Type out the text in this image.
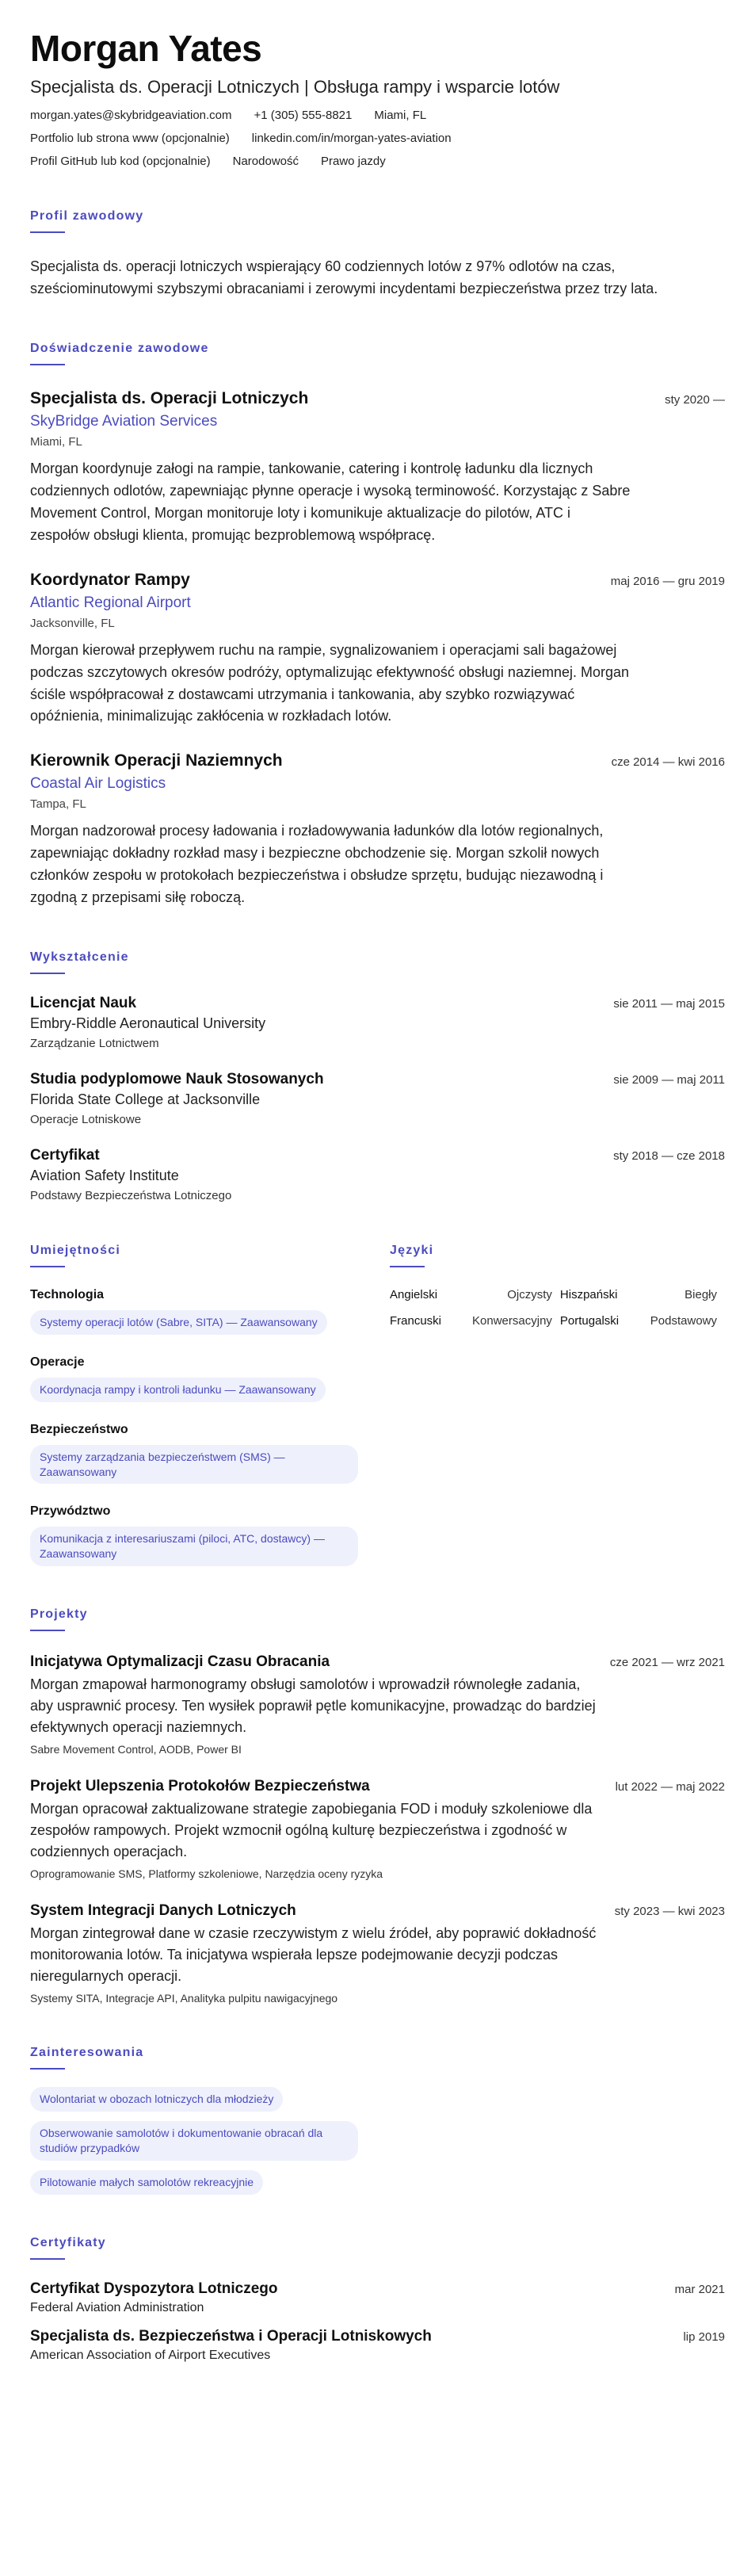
Morgan Yates
Specjalista ds. Operacji Lotniczych | Obsługa rampy i wsparcie lotów
morgan.yates@skybridgeaviation.com +1 (305) 555-8821 Miami, FL
Portfolio lub strona www (opcjonalnie) linkedin.com/in/morgan-yates-aviation
Profil GitHub lub kod (opcjonalnie) Narodowość Prawo jazdy
Profil zawodowy

Specjalista ds. operacji lotniczych wspierający 60 codziennych lotów z 97% odlotów na czas, sześciominutowymi szybszymi obracaniami i zerowymi incydentami bezpieczeństwa przez trzy lata.

Doświadczenie zawodowe
Specjalista ds. Operacji Lotniczych	sty 2020 —
SkyBridge Aviation Services
Miami, FL

Morgan koordynuje załogi na rampie, tankowanie, catering i kontrolę ładunku dla licznych codziennych odlotów, zapewniając płynne operacje i wysoką terminowość. Korzystając z Sabre Movement Control, Morgan monitoruje loty i komunikuje aktualizacje do pilotów, ATC i zespołów obsługi klienta, promując bezproblemową współpracę.

Koordynator Rampy	maj 2016 — gru 2019
Atlantic Regional Airport
Jacksonville, FL

Morgan kierował przepływem ruchu na rampie, sygnalizowaniem i operacjami sali bagażowej podczas szczytowych okresów podróży, optymalizując efektywność obsługi naziemnej. Morgan ściśle współpracował z dostawcami utrzymania i tankowania, aby szybko rozwiązywać opóźnienia, minimalizując zakłócenia w rozkładach lotów.

Kierownik Operacji Naziemnych	cze 2014 — kwi 2016
Coastal Air Logistics
Tampa, FL

Morgan nadzorował procesy ładowania i rozładowywania ładunków dla lotów regionalnych, zapewniając dokładny rozkład masy i bezpieczne obchodzenie się. Morgan szkolił nowych członków zespołu w protokołach bezpieczeństwa i obsłudze sprzętu, budując niezawodną i zgodną z przepisami siłę roboczą.

Wykształcenie
Licencjat Nauk	sie 2011 — maj 2015
Embry-Riddle Aeronautical University
Zarządzanie Lotnictwem
Studia podyplomowe Nauk Stosowanych	sie 2009 — maj 2011
Florida State College at Jacksonville
Operacje Lotniskowe
Certyfikat	sty 2018 — cze 2018
Aviation Safety Institute
Podstawy Bezpieczeństwa Lotniczego
Umiejętności
Technologia
Systemy operacji lotów (Sabre, SITA) — Zaawansowany
Operacje
Koordynacja rampy i kontroli ładunku — Zaawansowany
Bezpieczeństwo
Systemy zarządzania bezpieczeństwem (SMS) — Zaawansowany
Przywództwo
Komunikacja z interesariuszami (piloci, ATC, dostawcy) — Zaawansowany
Języki
Angielski	Ojczysty Hiszpański	Biegły
Francuski	Konwersacyjny Portugalski	Podstawowy
Projekty
Inicjatywa Optymalizacji Czasu Obracania	cze 2021 — wrz 2021

Morgan zmapował harmonogramy obsługi samolotów i wprowadził równoległe zadania, aby usprawnić procesy. Ten wysiłek poprawił pętle komunikacyjne, prowadząc do bardziej efektywnych operacji naziemnych.

Sabre Movement Control, AODB, Power BI
Projekt Ulepszenia Protokołów Bezpieczeństwa	lut 2022 — maj 2022

Morgan opracował zaktualizowane strategie zapobiegania FOD i moduły szkoleniowe dla zespołów rampowych. Projekt wzmocnił ogólną kulturę bezpieczeństwa i zgodność w codziennych operacjach.

Oprogramowanie SMS, Platformy szkoleniowe, Narzędzia oceny ryzyka
System Integracji Danych Lotniczych	sty 2023 — kwi 2023

Morgan zintegrował dane w czasie rzeczywistym z wielu źródeł, aby poprawić dokładność monitorowania lotów. Ta inicjatywa wspierała lepsze podejmowanie decyzji podczas nieregularnych operacji.

Systemy SITA, Integracje API, Analityka pulpitu nawigacyjnego
Zainteresowania
Wolontariat w obozach lotniczych dla młodzieży
Obserwowanie samolotów i dokumentowanie obracań dla studiów przypadków
Pilotowanie małych samolotów rekreacyjnie
Certyfikaty
Certyfikat Dyspozytora Lotniczego	mar 2021
Federal Aviation Administration
Specjalista ds. Bezpieczeństwa i Operacji Lotniskowych	lip 2019
American Association of Airport Executives
